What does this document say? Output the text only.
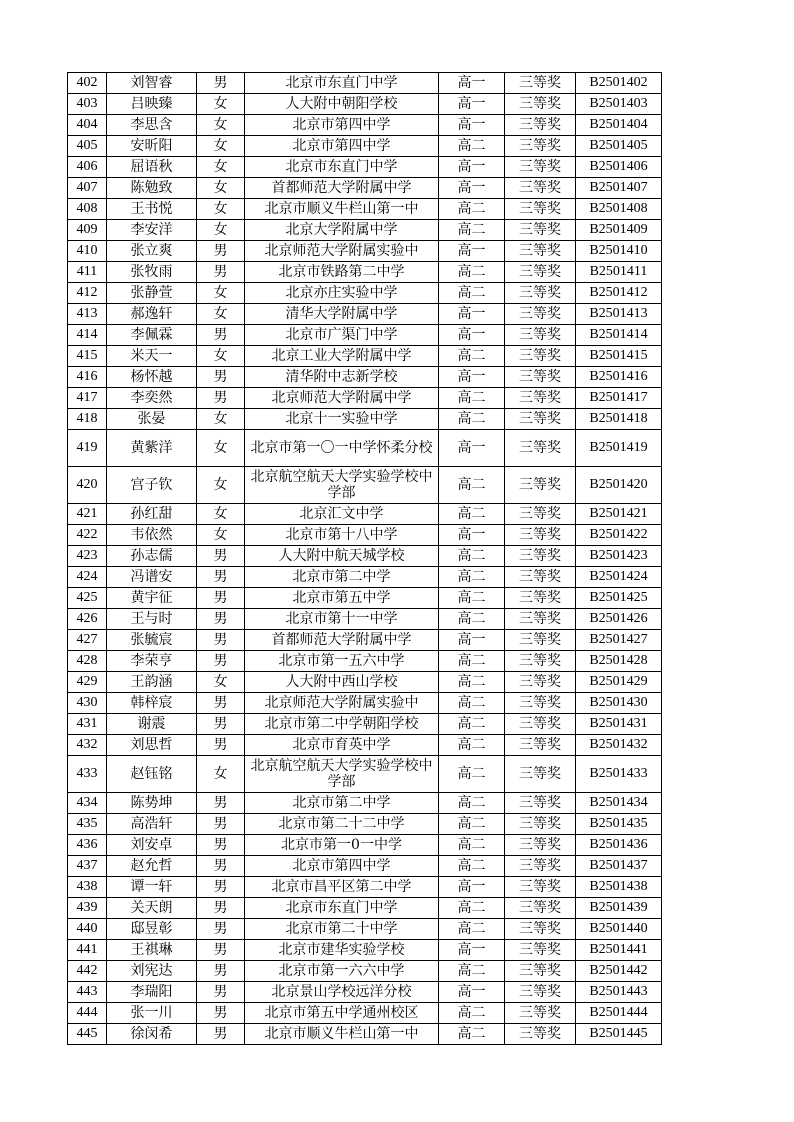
402	刘智睿	男	北京市东直门中学	高一	三等奖	B2501402
403	吕映臻	女	人大附中朝阳学校	高一	三等奖	B2501403
404	李思含	女	北京市第四中学	高一	三等奖	B2501404
405	安昕阳	女	北京市第四中学	高二	三等奖	B2501405
406	屈语秋	女	北京市东直门中学	高一	三等奖	B2501406
407	陈勉致	女	首都师范大学附属中学	高一	三等奖	B2501407
408	王书悦	女	北京市顺义牛栏山第一中	高二	三等奖	B2501408
409	李安洋	女	北京大学附属中学	高二	三等奖	B2501409
410	张立爽	男	北京师范大学附属实验中	高一	三等奖	B2501410
411	张牧雨	男	北京市铁路第二中学	高二	三等奖	B2501411
412	张静萱	女	北京亦庄实验中学	高二	三等奖	B2501412
413	郝逸轩	女	清华大学附属中学	高一	三等奖	B2501413
414	李佩霖	男	北京市广渠门中学	高一	三等奖	B2501414
415	米天一	女	北京工业大学附属中学	高二	三等奖	B2501415
416	杨怀越	男	清华附中志新学校	高一	三等奖	B2501416
417	李奕然	男	北京师范大学附属中学	高二	三等奖	B2501417
418	张晏	女	北京十一实验中学	高二	三等奖	B2501418
419	黄紫洋	女	北京市第一〇一中学怀柔分校	高一	三等奖	B2501419
420	宫子钦	女	北京航空航天大学实验学校中学部	高二	三等奖	B2501420
421	孙红甜	女	北京汇文中学	高二	三等奖	B2501421
422	韦依然	女	北京市第十八中学	高一	三等奖	B2501422
423	孙志儒	男	人大附中航天城学校	高二	三等奖	B2501423
424	冯谱安	男	北京市第二中学	高二	三等奖	B2501424
425	黄宇征	男	北京市第五中学	高二	三等奖	B2501425
426	王与时	男	北京市第十一中学	高二	三等奖	B2501426
427	张毓宸	男	首都师范大学附属中学	高一	三等奖	B2501427
428	李荣亨	男	北京市第一五六中学	高二	三等奖	B2501428
429	王韵涵	女	人大附中西山学校	高二	三等奖	B2501429
430	韩梓宸	男	北京师范大学附属实验中	高二	三等奖	B2501430
431	谢震	男	北京市第二中学朝阳学校	高二	三等奖	B2501431
432	刘思哲	男	北京市育英中学	高二	三等奖	B2501432
433	赵钰铭	女	北京航空航天大学实验学校中学部	高二	三等奖	B2501433
434	陈势坤	男	北京市第二中学	高二	三等奖	B2501434
435	高浩轩	男	北京市第二十二中学	高二	三等奖	B2501435
436	刘安卓	男	北京市第一0一中学	高二	三等奖	B2501436
437	赵允哲	男	北京市第四中学	高二	三等奖	B2501437
438	谭一轩	男	北京市昌平区第二中学	高一	三等奖	B2501438
439	关天朗	男	北京市东直门中学	高二	三等奖	B2501439
440	邸昱彰	男	北京市第二十中学	高二	三等奖	B2501440
441	王祺琳	男	北京市建华实验学校	高一	三等奖	B2501441
442	刘宪达	男	北京市第一六六中学	高二	三等奖	B2501442
443	李瑞阳	男	北京景山学校远洋分校	高一	三等奖	B2501443
444	张一川	男	北京市第五中学通州校区	高二	三等奖	B2501444
445	徐闵希	男	北京市顺义牛栏山第一中	高二	三等奖	B2501445
